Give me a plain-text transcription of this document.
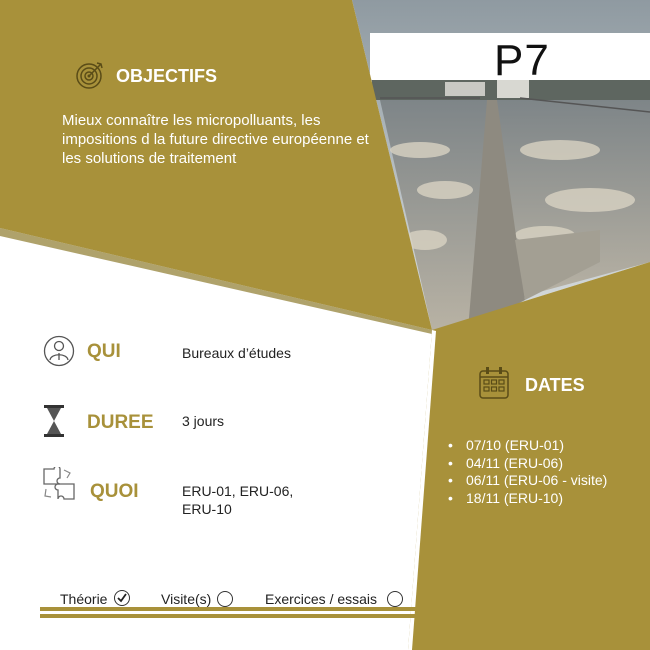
P7
OBJECTIFS
Mieux connaître les micropolluants, les impositions d la future directive européenne et les solutions de traitement
QUI	Bureaux d’études
DUREE 3 jours
QUOI	ERU-01, ERU-06, ERU-10
DATES
• 07/10 (ERU-01)
• 04/11 (ERU-06)
• 06/11 (ERU-06 - visite)
• 18/11 (ERU-10)
Théorie	Visite(s)	Exercices / essais
